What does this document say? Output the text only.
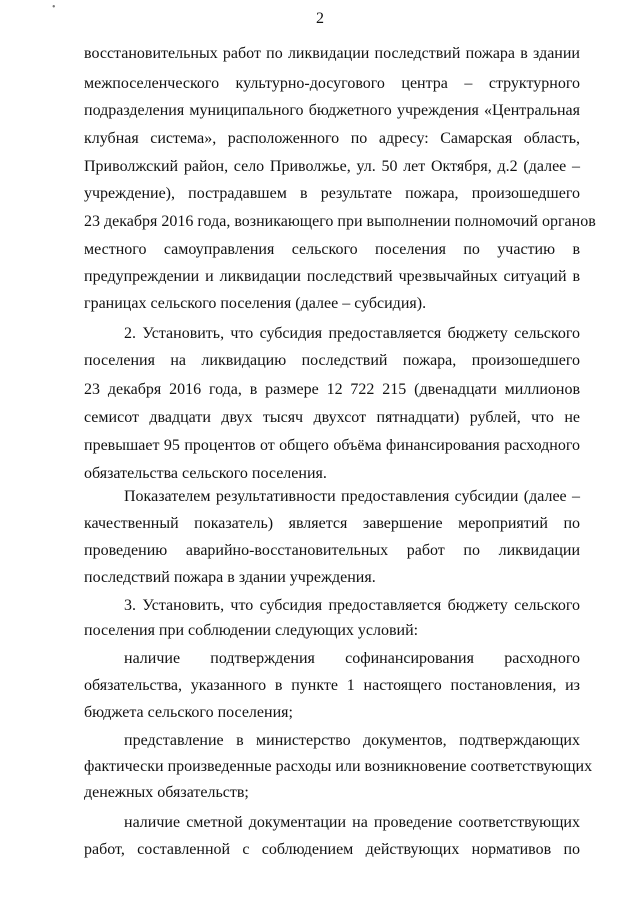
•
2
восстановительных работ по ликвидации последствий пожара в здании
межпоселенческого культурно-досугового центра – структурного
подразделения муниципального бюджетного учреждения «Центральная
клубная система», расположенного по адресу: Самарская область,
Приволжский район, село Приволжье, ул. 50 лет Октября, д.2 (далее –
учреждение), пострадавшем в результате пожара, произошедшего
23 декабря 2016 года, возникающего при выполнении полномочий органов
местного самоуправления сельского поселения по участию в
предупреждении и ликвидации последствий чрезвычайных ситуаций в
границах сельского поселения (далее – субсидия).
2. Установить, что субсидия предоставляется бюджету сельского
поселения на ликвидацию последствий пожара, произошедшего
23 декабря 2016 года, в размере 12 722 215 (двенадцати миллионов
семисот двадцати двух тысяч двухсот пятнадцати) рублей, что не
превышает 95 процентов от общего объёма финансирования расходного
обязательства сельского поселения.
Показателем результативности предоставления субсидии (далее –
качественный показатель) является завершение мероприятий по
проведению аварийно-восстановительных работ по ликвидации
последствий пожара в здании учреждения.
3. Установить, что субсидия предоставляется бюджету сельского
поселения при соблюдении следующих условий:
наличие подтверждения софинансирования расходного
обязательства, указанного в пункте 1 настоящего постановления, из
бюджета сельского поселения;
представление в министерство документов, подтверждающих
фактически произведенные расходы или возникновение соответствующих
денежных обязательств;
наличие сметной документации на проведение соответствующих
работ, составленной с соблюдением действующих нормативов по
